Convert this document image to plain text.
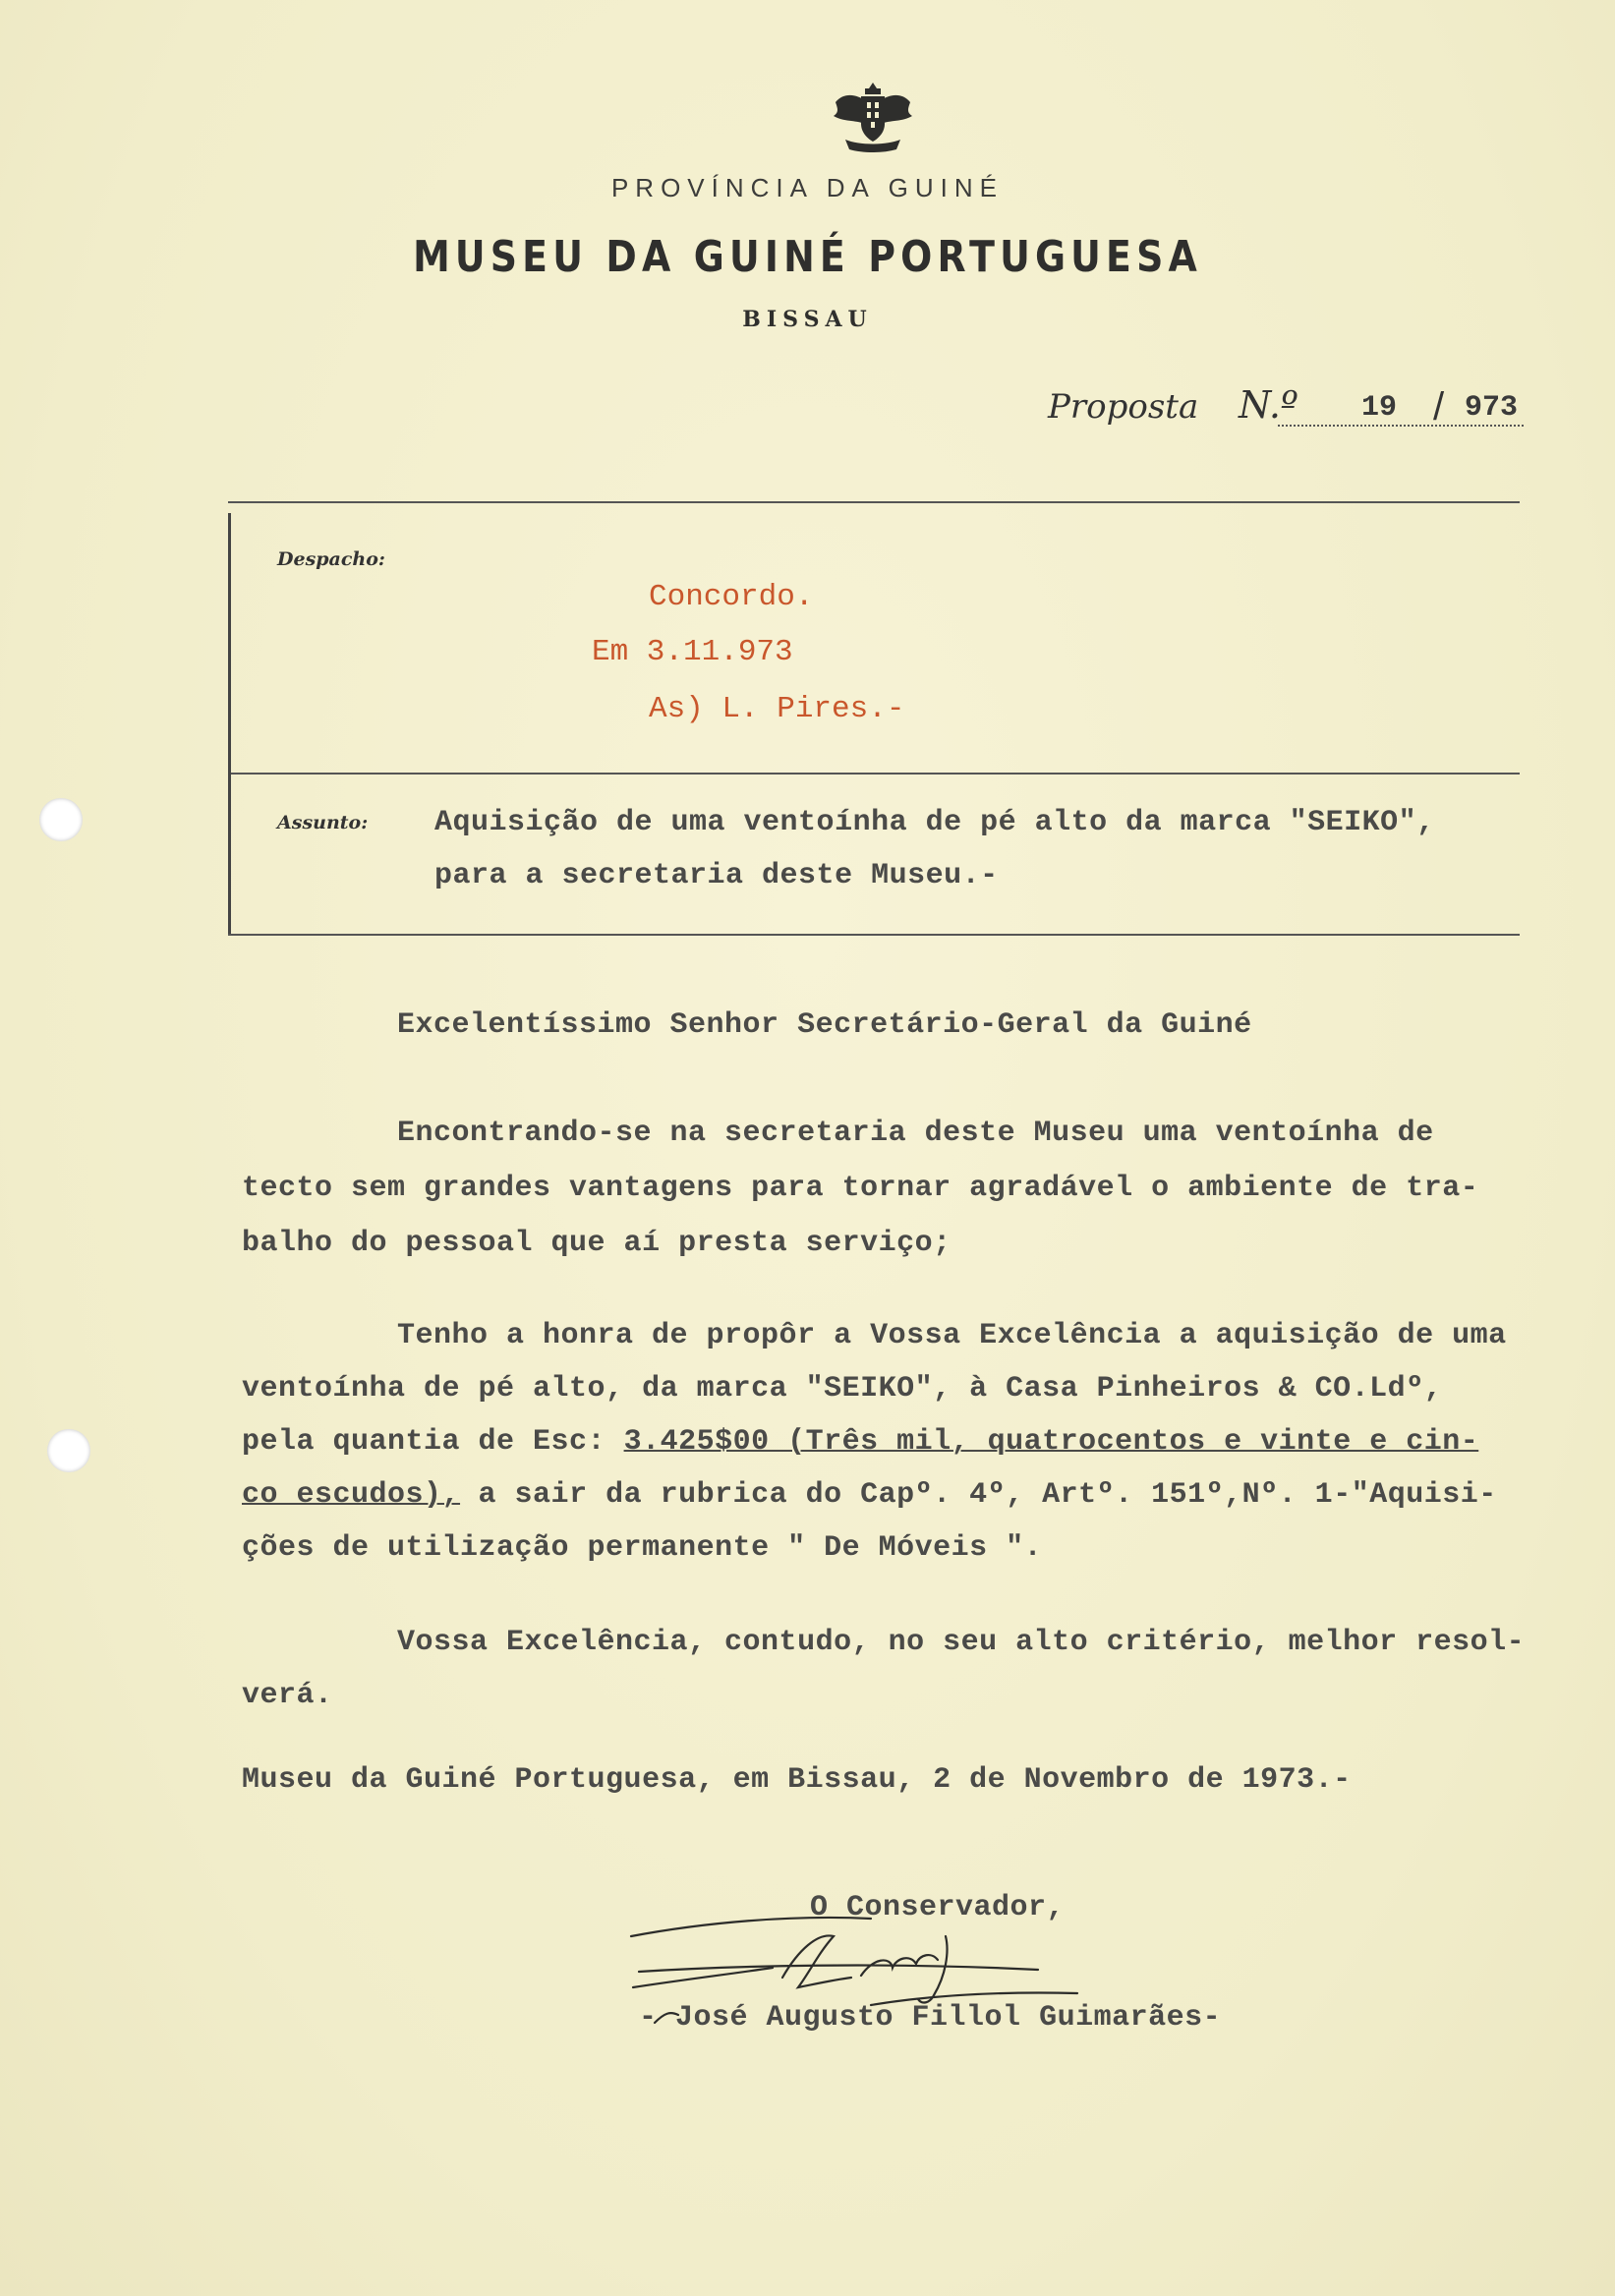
PROVÍNCIA DA GUINÉ
MUSEU DA GUINÉ PORTUGUESA
BISSAU
Proposta N.º 19 / 973
Despacho:
Concordo.
Em 3.11.973
As) L. Pires.-
Assunto: Aquisição de uma ventoínha de pé alto da marca "SEIKO",
para a secretaria deste Museu.-
Excelentíssimo Senhor Secretário-Geral da Guiné
Encontrando-se na secretaria deste Museu uma ventoínha de
tecto sem grandes vantagens para tornar agradável o ambiente de tra-
balho do pessoal que aí presta serviço;
Tenho a honra de propôr a Vossa Excelência a aquisição de uma
ventoínha de pé alto, da marca "SEIKO", à Casa Pinheiros & CO.Ldº,
pela quantia de Esc: 3.425$00 (Três mil, quatrocentos e vinte e cin-
co escudos), a sair da rubrica do Capº. 4º, Artº. 151º,Nº. 1-"Aquisi-
ções de utilização permanente " De Móveis ".
Vossa Excelência, contudo, no seu alto critério, melhor resol-
verá.
Museu da Guiné Portuguesa, em Bissau, 2 de Novembro de 1973.-
O Conservador,
- José Augusto Fillol Guimarães-
